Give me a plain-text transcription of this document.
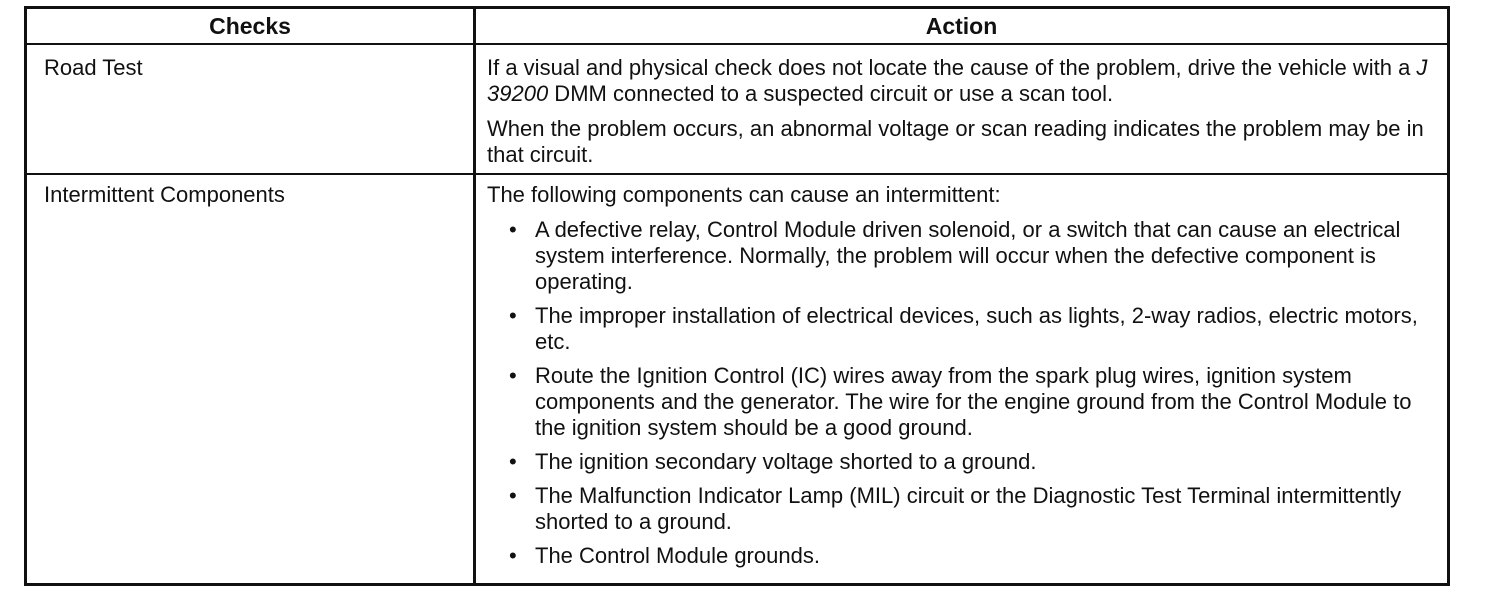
Checks	Action
Road Test	If a visual and physical check does not locate the cause of the problem, drive the vehicle with a J 39200 DMM connected to a suspected circuit or use a scan tool.

When the problem occurs, an abnormal voltage or scan reading indicates the problem may be in that circuit.

Intermittent Components	The following components can cause an intermittent:

• A defective relay, Control Module driven solenoid, or a switch that can cause an electrical system interference. Normally, the problem will occur when the defective component is operating.
• The improper installation of electrical devices, such as lights, 2-way radios, electric motors, etc.
• Route the Ignition Control (IC) wires away from the spark plug wires, ignition system components and the generator. The wire for the engine ground from the Control Module to the ignition system should be a good ground.
• The ignition secondary voltage shorted to a ground.
• The Malfunction Indicator Lamp (MIL) circuit or the Diagnostic Test Terminal intermittently shorted to a ground.
• The Control Module grounds.
